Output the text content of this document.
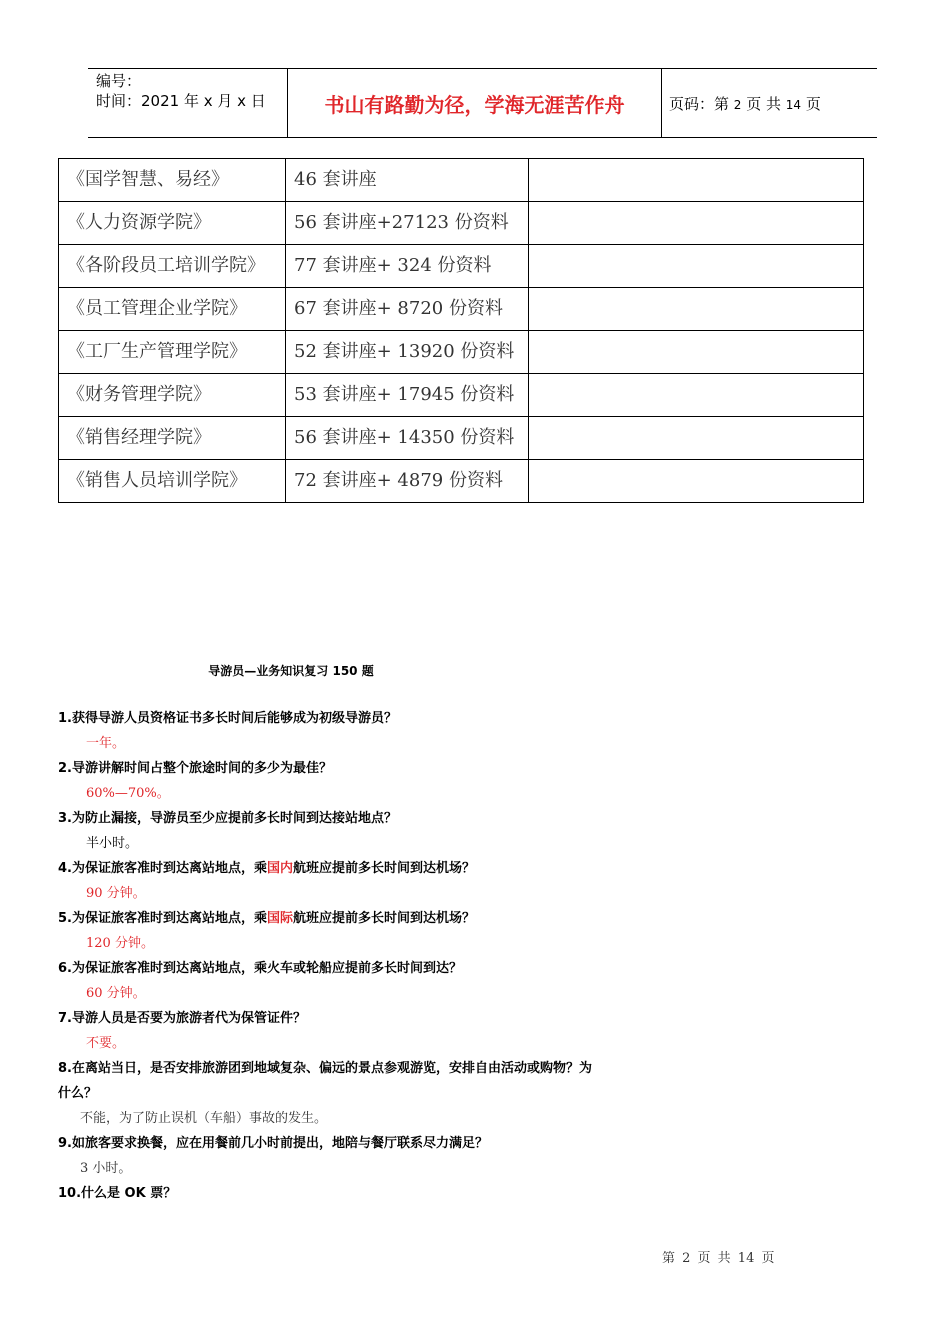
编号：
时间：2021 年 x 月 x 日	书山有路勤为径，学海无涯苦作舟	页码：第 2 页 共 14 页
《国学智慧、易经》	46 套讲座	
《人力资源学院》	56 套讲座+27123 份资料	
《各阶段员工培训学院》	77 套讲座+ 324 份资料	
《员工管理企业学院》	67 套讲座+ 8720 份资料	
《工厂生产管理学院》	52 套讲座+ 13920 份资料	
《财务管理学院》	53 套讲座+ 17945 份资料	
《销售经理学院》	56 套讲座+ 14350 份资料	
《销售人员培训学院》	72 套讲座+ 4879 份资料	
导游员—业务知识复习 150 题

1.获得导游人员资格证书多长时间后能够成为初级导游员？

一年。

2.导游讲解时间占整个旅途时间的多少为最佳？

60%—70%。

3.为防止漏接，导游员至少应提前多长时间到达接站地点？

半小时。

4.为保证旅客准时到达离站地点，乘国内航班应提前多长时间到达机场？

90 分钟。

5.为保证旅客准时到达离站地点，乘国际航班应提前多长时间到达机场？

120 分钟。

6.为保证旅客准时到达离站地点，乘火车或轮船应提前多长时间到达？

60 分钟。

7.导游人员是否要为旅游者代为保管证件？

不要。

8.在离站当日，是否安排旅游团到地域复杂、偏远的景点参观游览，安排自由活动或购物？为什么？

不能，为了防止误机（车船）事故的发生。

9.如旅客要求换餐，应在用餐前几小时前提出，地陪与餐厅联系尽力满足？

3 小时。

10.什么是 OK 票？

第 2 页 共 14 页
